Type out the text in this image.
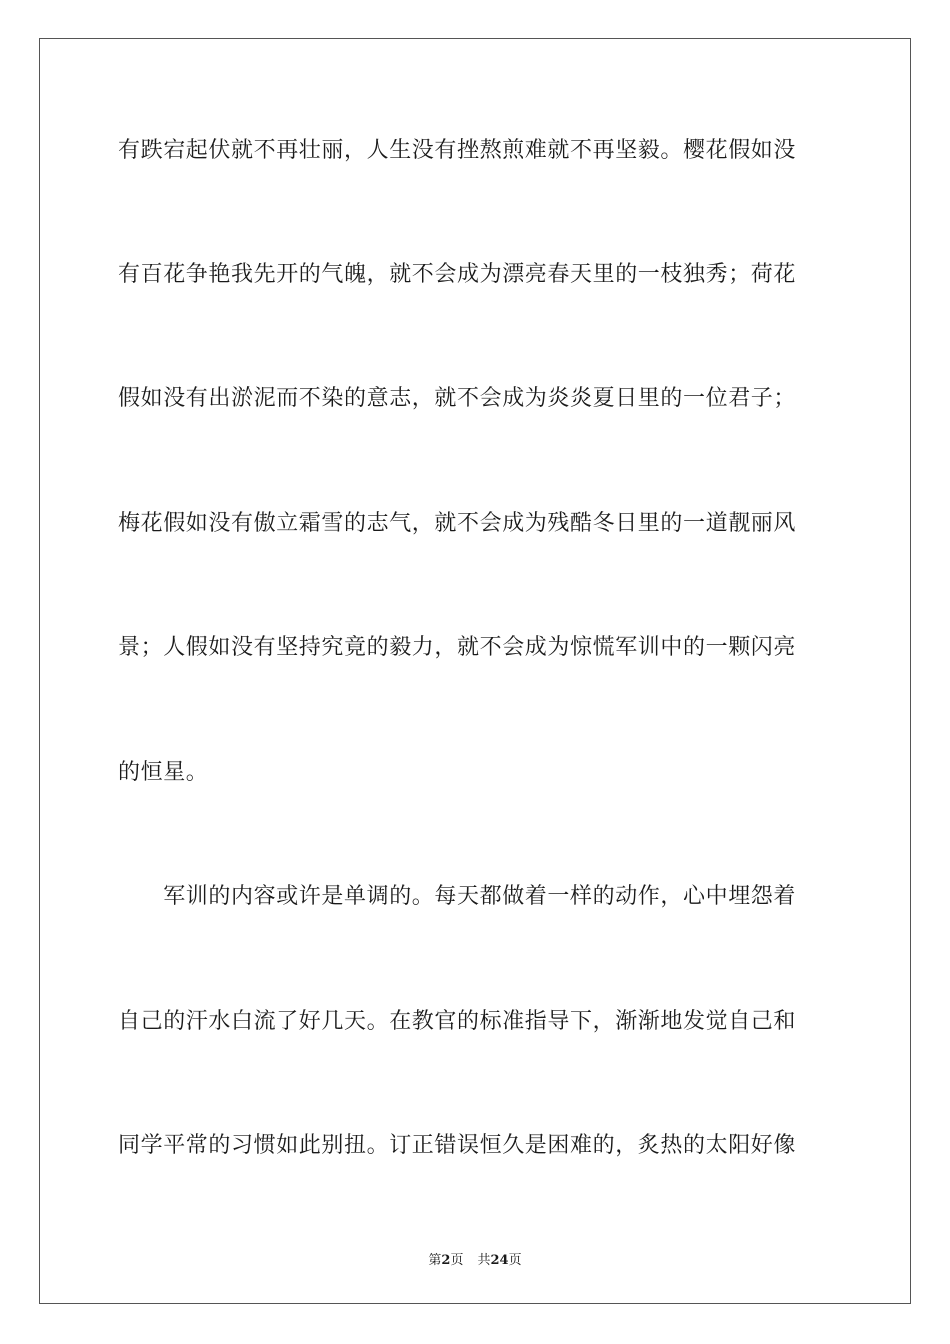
有跌宕起伏就不再壮丽，人生没有挫熬煎难就不再坚毅。樱花假如没
有百花争艳我先开的气魄，就不会成为漂亮春天里的一枝独秀；荷花
假如没有出淤泥而不染的意志，就不会成为炎炎夏日里的一位君子；
梅花假如没有傲立霜雪的志气，就不会成为残酷冬日里的一道靓丽风
景；人假如没有坚持究竟的毅力，就不会成为惊慌军训中的一颗闪亮
的恒星。
　　军训的内容或许是单调的。每天都做着一样的动作，心中埋怨着
自己的汗水白流了好几天。在教官的标准指导下，渐渐地发觉自己和
同学平常的习惯如此别扭。订正错误恒久是困难的，炙热的太阳好像
第2页 共24页
